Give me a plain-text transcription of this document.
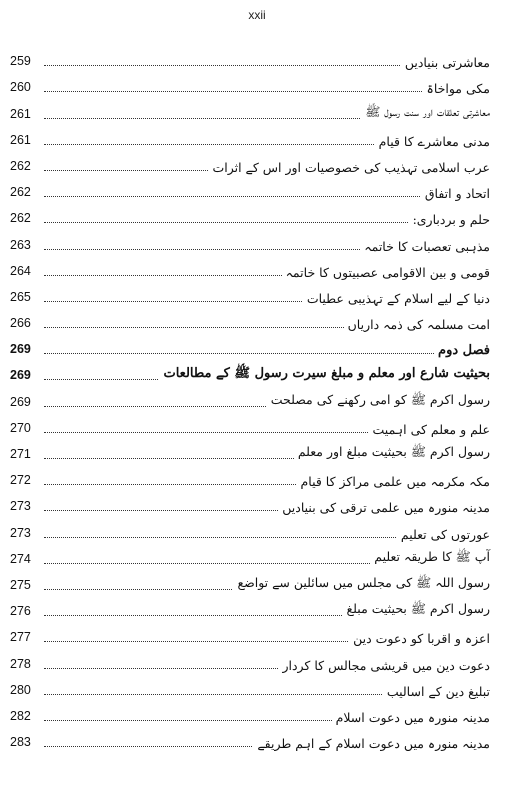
xxii
259	معاشرتی بنیادیں
260	مکی مواخاۃ
261	معاشرتی تعلقات اور سنت رسول ﷺ
261	مدنی معاشرے کا قیام
262	عرب اسلامی تہذیب کی خصوصیات اور اس کے اثرات
262	اتحاد و اتفاق
262	حلم و بردباری:
263	مذہبی تعصبات کا خاتمہ
264	قومی و بین الاقوامی عصبیتوں کا خاتمہ
265	دنیا کے لیے اسلام کے تہذیبی عطیات
266	امت مسلمہ کی ذمہ داریاں
269	فصل دوم
269	بحیثیت شارع اور معلم و مبلغ سیرت رسول ﷺ کے مطالعات
269	رسول اکرم ﷺ کو امی رکھنے کی مصلحت
270	علم و معلم کی اہمیت
271	رسول اکرم ﷺ بحیثیت مبلغ اور معلم
272	مکہ مکرمہ میں علمی مراکز کا قیام
273	مدینہ منورہ میں علمی ترقی کی بنیادیں
273	عورتوں کی تعلیم
274	آپ ﷺ کا طریقہ تعلیم
275	رسول اللہ ﷺ کی مجلس میں سائلین سے تواضع
276	رسول اکرم ﷺ بحیثیت مبلغ
277	اعزہ و اقربا کو دعوت دین
278	دعوت دین میں قریشی مجالس کا کردار
280	تبلیغ دین کے اسالیب
282	مدینہ منورہ میں دعوت اسلام
283	مدینہ منورہ میں دعوت اسلام کے اہم طریقے
